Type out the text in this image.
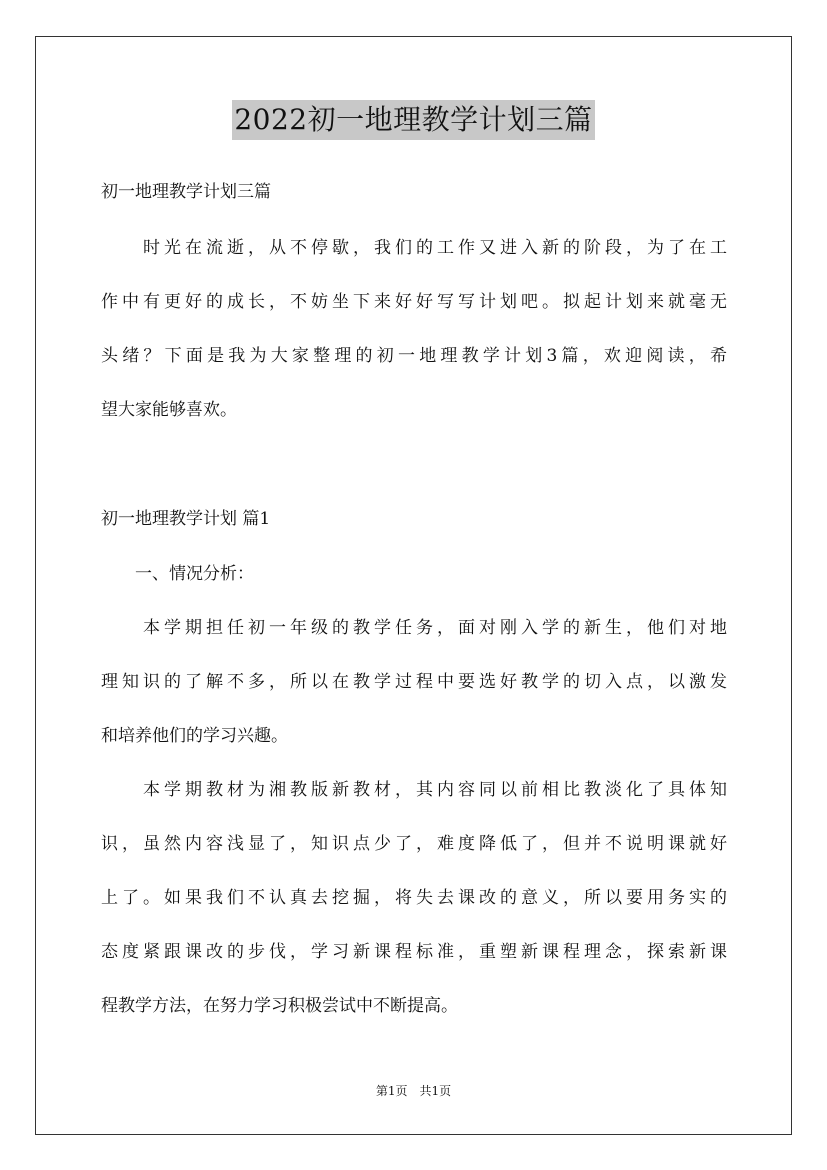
2022初一地理教学计划三篇
初一地理教学计划三篇
　　时光在流逝，从不停歇，我们的工作又进入新的阶段，为了在工
作中有更好的成长，不妨坐下来好好写写计划吧。拟起计划来就毫无
头绪？下面是我为大家整理的初一地理教学计划3篇，欢迎阅读，希
望大家能够喜欢。
初一地理教学计划 篇1
　　一、情况分析：
　　本学期担任初一年级的教学任务，面对刚入学的新生，他们对地
理知识的了解不多，所以在教学过程中要选好教学的切入点，以激发
和培养他们的学习兴趣。
　　本学期教材为湘教版新教材，其内容同以前相比教淡化了具体知
识，虽然内容浅显了，知识点少了，难度降低了，但并不说明课就好
上了。如果我们不认真去挖掘，将失去课改的意义，所以要用务实的
态度紧跟课改的步伐，学习新课程标准，重塑新课程理念，探索新课
程教学方法，在努力学习积极尝试中不断提高。
第1页　共1页
